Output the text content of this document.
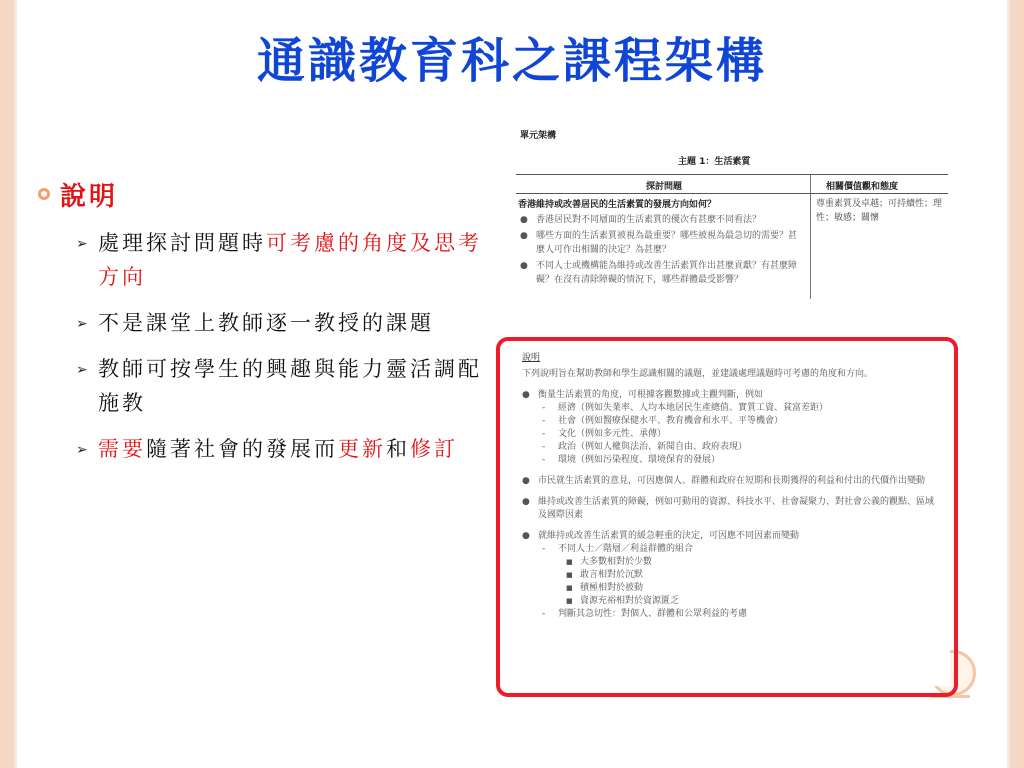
通識教育科之課程架構
說明
➢ 處理探討問題時可考慮的角度及思考方向
➢ 不是課堂上教師逐一教授的課題
➢ 教師可按學生的興趣與能力靈活調配施教
➢ 需要隨著社會的發展而更新和修訂
單元架構
主題 1：生活素質
探討問題	相關價值觀和態度
香港維持或改善居民的生活素質的發展方向如何？	尊重素質及卓越；可持續性；理性；敏感；關懷
● 香港居民對不同層面的生活素質的優次有甚麼不同看法？
● 哪些方面的生活素質被視為最重要？哪些被視為最急切的需要？甚麼人可作出相關的決定？為甚麼？
● 不同人士或機構能為維持或改善生活素質作出甚麼貢獻？有甚麼障礙？在沒有清除障礙的情況下，哪些群體最受影響？
說明
下列說明旨在幫助教師和學生認識相關的議題，並建議處理議題時可考慮的角度和方向。
● 衡量生活素質的角度，可根據客觀數據或主觀判斷，例如
-	經濟（例如失業率、人均本地居民生產總值、實質工資、貧富差距）
-	社會（例如醫療保健水平、教育機會和水平、平等機會）
-	文化（例如多元性、承傳）
-	政治（例如人權與法治、新聞自由、政府表現）
-	環境（例如污染程度、環境保育的發展）
● 市民就生活素質的意見，可因應個人、群體和政府在短期和長期獲得的利益和付出的代價作出變動
● 維持或改善生活素質的障礙，例如可動用的資源、科技水平、社會凝聚力、對社會公義的觀點、區域及國際因素
● 就維持或改善生活素質的緩急輕重的決定，可因應不同因素而變動
-	不同人士／階層／利益群體的組合
■ 大多數相對於少數
■ 敢言相對於沉默
■ 積極相對於被動
■ 資源充裕相對於資源匱乏
-	判斷其急切性：對個人、群體和公眾利益的考慮
